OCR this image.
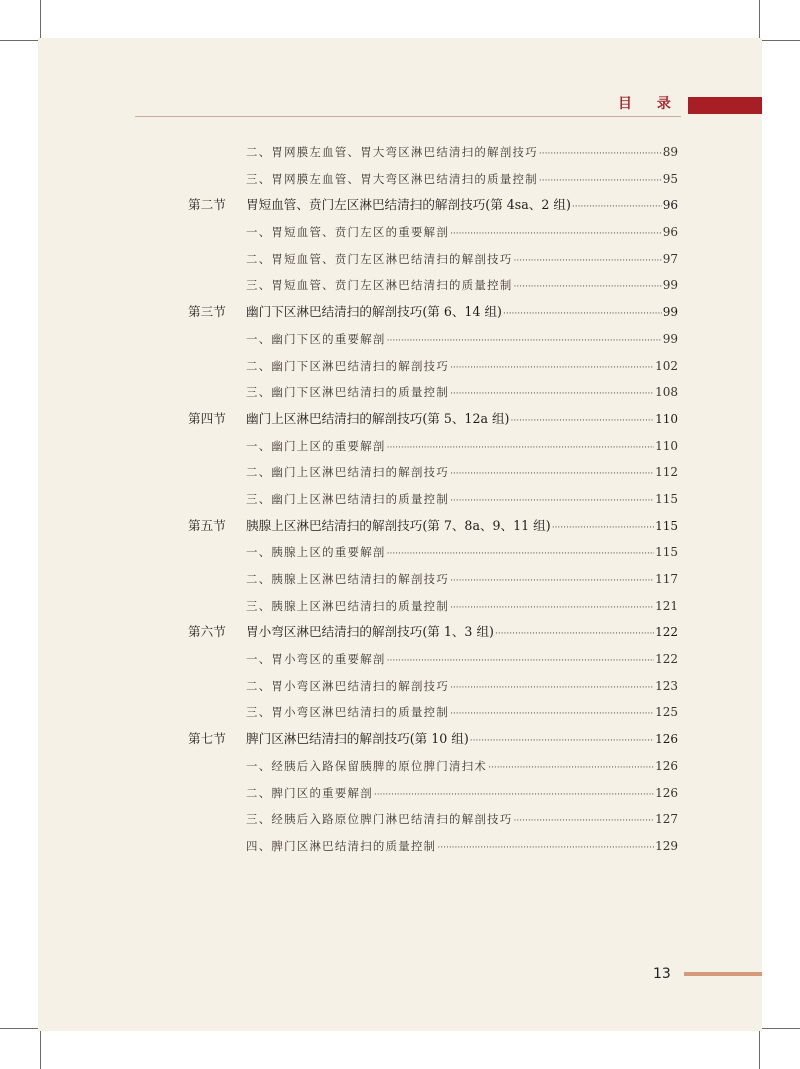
目 录
二、胃网膜左血管、胃大弯区淋巴结清扫的解剖技巧 ·····	89
三、胃网膜左血管、胃大弯区淋巴结清扫的质量控制 ·····	95
第二节	胃短血管、贲门左区淋巴结清扫的解剖技巧(第 4sa、2 组) ·····	96
一、胃短血管、贲门左区的重要解剖 ·····	96
二、胃短血管、贲门左区淋巴结清扫的解剖技巧 ·····	97
三、胃短血管、贲门左区淋巴结清扫的质量控制 ·····	99
第三节	幽门下区淋巴结清扫的解剖技巧(第 6、14 组) ·····	99
一、幽门下区的重要解剖 ·····	99
二、幽门下区淋巴结清扫的解剖技巧 ·····	102
三、幽门下区淋巴结清扫的质量控制 ·····	108
第四节	幽门上区淋巴结清扫的解剖技巧(第 5、12a 组) ·····	110
一、幽门上区的重要解剖 ·····	110
二、幽门上区淋巴结清扫的解剖技巧 ·····	112
三、幽门上区淋巴结清扫的质量控制 ·····	115
第五节	胰腺上区淋巴结清扫的解剖技巧(第 7、8a、9、11 组) ·····	115
一、胰腺上区的重要解剖 ·····	115
二、胰腺上区淋巴结清扫的解剖技巧 ·····	117
三、胰腺上区淋巴结清扫的质量控制 ·····	121
第六节	胃小弯区淋巴结清扫的解剖技巧(第 1、3 组) ·····	122
一、胃小弯区的重要解剖 ·····	122
二、胃小弯区淋巴结清扫的解剖技巧 ·····	123
三、胃小弯区淋巴结清扫的质量控制 ·····	125
第七节	脾门区淋巴结清扫的解剖技巧(第 10 组) ·····	126
一、经胰后入路保留胰脾的原位脾门清扫术 ·····	126
二、脾门区的重要解剖 ·····	126
三、经胰后入路原位脾门淋巴结清扫的解剖技巧 ·····	127
四、脾门区淋巴结清扫的质量控制 ·····	129
13
